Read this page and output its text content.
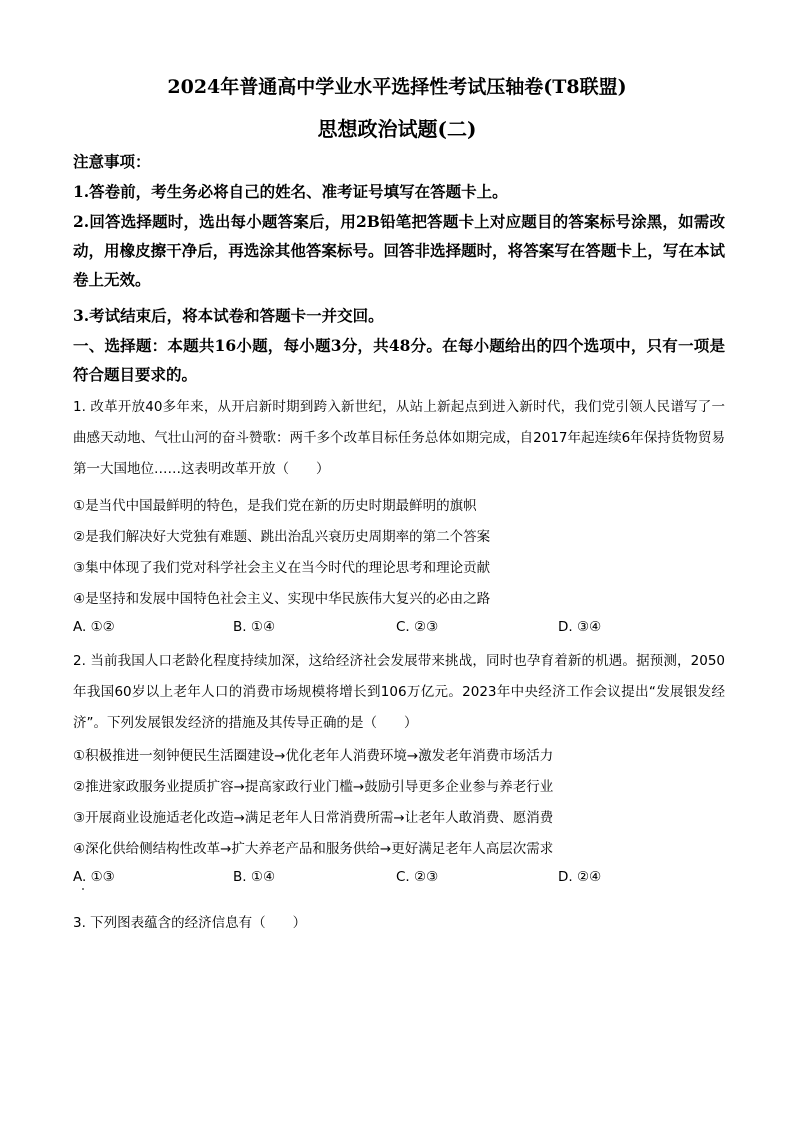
2024年普通高中学业水平选择性考试压轴卷(T8联盟)
思想政治试题(二)
注意事项：
1.答卷前，考生务必将自己的姓名、准考证号填写在答题卡上。
2.回答选择题时，选出每小题答案后，用2B铅笔把答题卡上对应题目的答案标号涂黑，如需改动，用橡皮擦干净后，再选涂其他答案标号。回答非选择题时，将答案写在答题卡上，写在本试卷上无效。
3.考试结束后，将本试卷和答题卡一并交回。
一、选择题：本题共16小题，每小题3分，共48分。在每小题给出的四个选项中，只有一项是符合题目要求的。
1. 改革开放40多年来，从开启新时期到跨入新世纪，从站上新起点到进入新时代，我们党引领人民谱写了一曲感天动地、气壮山河的奋斗赞歌：两千多个改革目标任务总体如期完成，自2017年起连续6年保持货物贸易第一大国地位……这表明改革开放（　　）
①是当代中国最鲜明的特色，是我们党在新的历史时期最鲜明的旗帜
②是我们解决好大党独有难题、跳出治乱兴衰历史周期率的第二个答案
③集中体现了我们党对科学社会主义在当今时代的理论思考和理论贡献
④是坚持和发展中国特色社会主义、实现中华民族伟大复兴的必由之路
A. ①②	B. ①④	C. ②③	D. ③④
2. 当前我国人口老龄化程度持续加深，这给经济社会发展带来挑战，同时也孕育着新的机遇。据预测，2050年我国60岁以上老年人口的消费市场规模将增长到106万亿元。2023年中央经济工作会议提出“发展银发经济”。下列发展银发经济的措施及其传导正确的是（　　）
①积极推进一刻钟便民生活圈建设→优化老年人消费环境→激发老年消费市场活力
②推进家政服务业提质扩容→提高家政行业门槛→鼓励引导更多企业参与养老行业
③开展商业设施适老化改造→满足老年人日常消费所需→让老年人敢消费、愿消费
④深化供给侧结构性改革→扩大养老产品和服务供给→更好满足老年人高层次需求
A. ①③	B. ①④	C. ②③	D. ②④
3. 下列图表蕴含的经济信息有（　　）
